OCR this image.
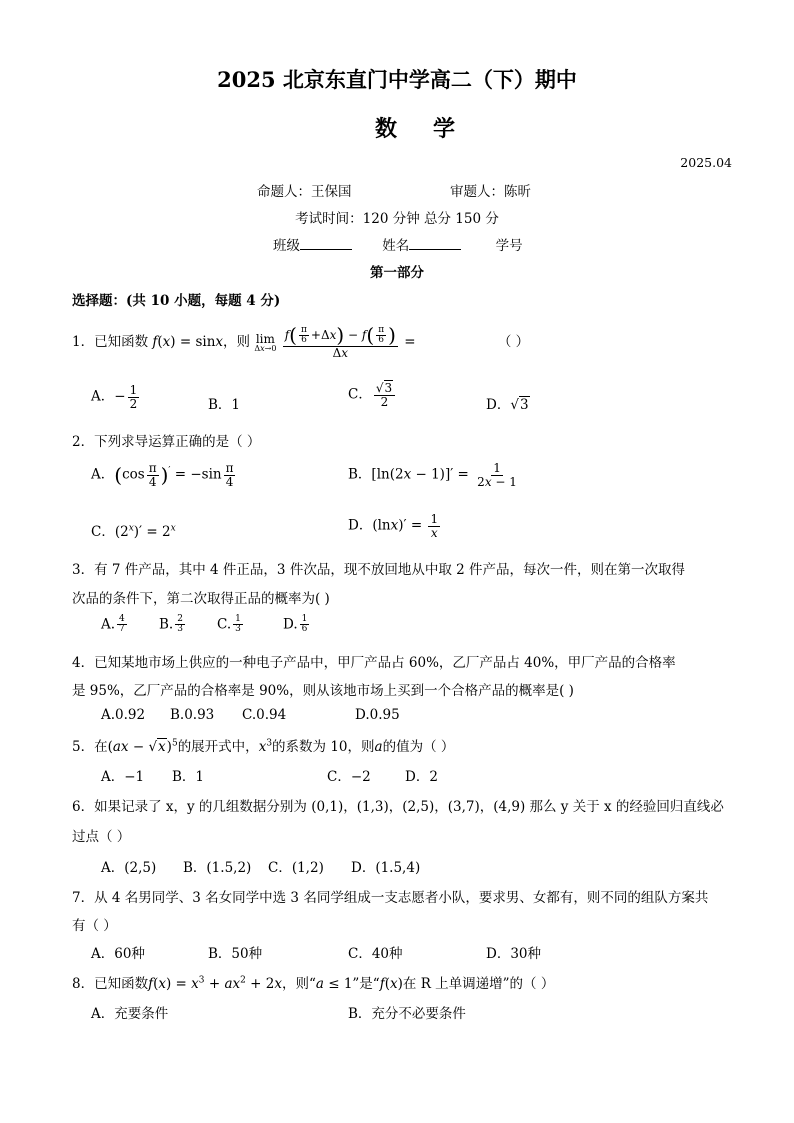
2025 北京东直门中学高二（下）期中
数学
2025.04
命题人：王保国	审题人：陈昕
考试时间：120 分钟 总分 150 分
班级	姓名	学号
第一部分
选择题：(共 10 小题，每题 4 分)
1．已知函数 f(x) = sinx，则 lim
Δx→0
$\frac{f( \frac{\pi}{6} +\Delta x) - f( \frac{\pi}{6} )}{\Delta x}$ =	（ ）
A．− $\frac{1}{2}$	B．1
C． $\frac{√3}{2}$	D．√3
2．下列求导运算正确的是（ ）
A．$(\cos \frac{\pi}{4} )' = -\sin \frac{\pi}{4}$	B．$[\ln(2x - 1)]' = \frac{1}{2x - 1}$
C．$(2^x)' = 2^x$	D．$(\ln x)' = \frac{1}{x}$
3．有 7 件产品，其中 4 件正品，3 件次品，现不放回地从中取 2 件产品，每次一件，则在第一次取得
次品的条件下，第二次取得正品的概率为( )
A. $\frac{4}{7} B$. $\frac{2}{3} C$. $\frac{1}{3}$	D. $\frac{1}{6}$
4．已知某地市场上供应的一种电子产品中，甲厂产品占 60%，乙厂产品占 40%，甲厂产品的合格率
是 95%，乙厂产品的合格率是 90%，则从该地市场上买到一个合格产品的概率是( )
A.0.92 B.0.93 C.0.94	D.0.95
5．在(ax − √x)$^5$的展开式中，$x^3$的系数为 10，则a的值为（ ）
A．−1 B．1	C．−2	D．2
6．如果记录了 x，y 的几组数据分别为 (0,1)，(1,3)，(2,5)，(3,7)，(4,9) 那么 y 关于 x 的经验回归直线必
过点（ ）
A．(2,5) B．(1.5,2) C．(1,2) D．(1.5,4)
7．从 4 名男同学、3 名女同学中选 3 名同学组成一支志愿者小队，要求男、女都有，则不同的组队方案共
有（ ）
A．60种	B．50种	C．40种	D．30种
8．已知函数$f(x) = x^3 + ax^2 + 2x$，则“a ≤ 1”是“f(x)在 R 上单调递增”的（ ）
A．充要条件	B．充分不必要条件
